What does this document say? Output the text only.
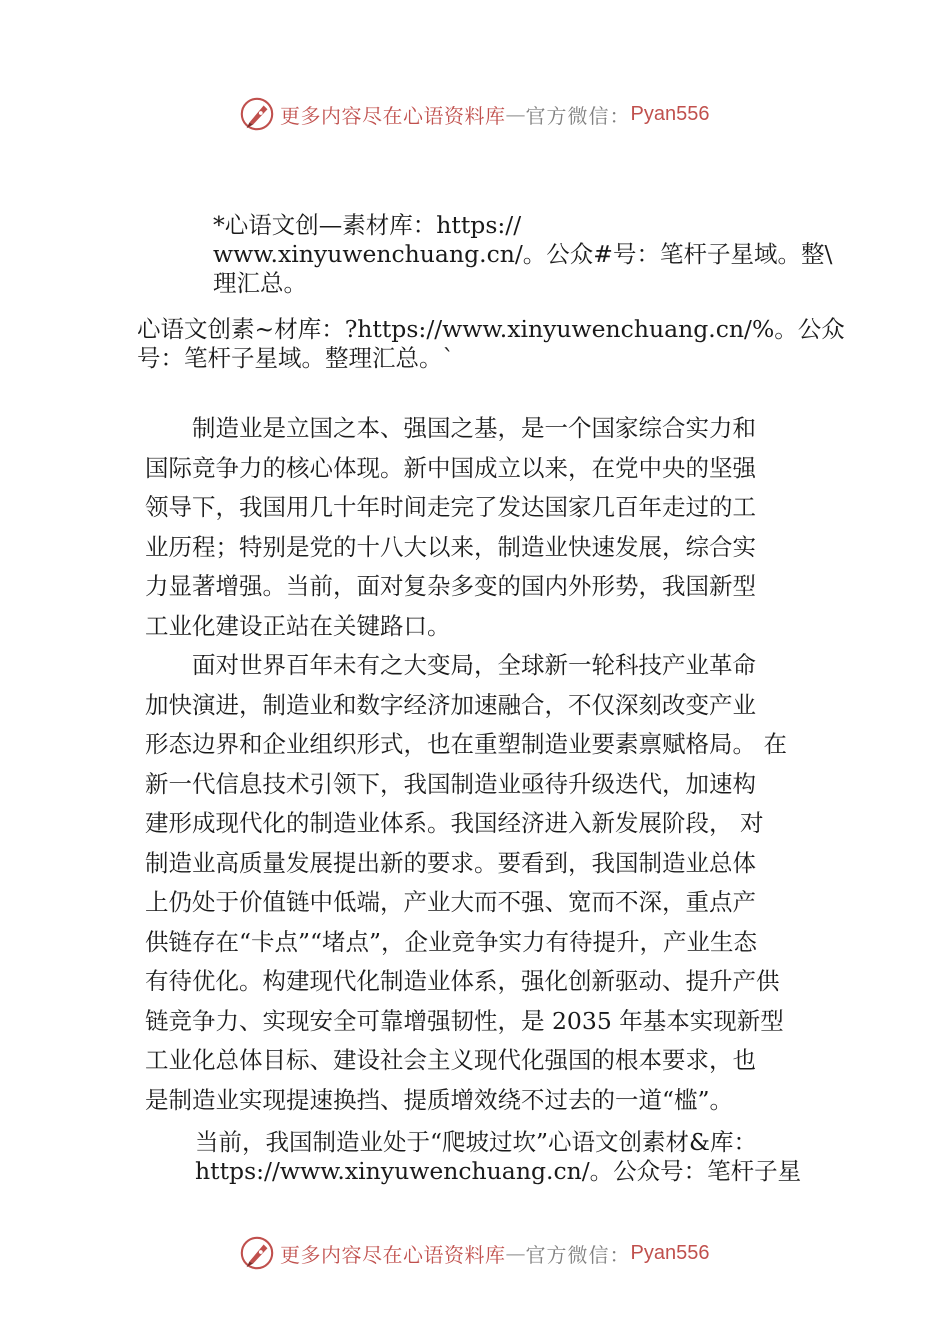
更多内容尽在心语资料库 — 官方微信： Pyan556
*心语文创—素材库：https://
www.xinyuwenchuang.cn/。公众#号：笔杆子星域。整\
理汇总。
心语文创素~材库：?https://www.xinyuwenchuang.cn/%。公众
号：笔杆子星域。整理汇总。`
　　制造业是立国之本、强国之基，是一个国家综合实力和
国际竞争力的核心体现。新中国成立以来，在党中央的坚强
领导下，我国用几十年时间走完了发达国家几百年走过的工
业历程；特别是党的十八大以来，制造业快速发展，综合实
力显著增强。当前，面对复杂多变的国内外形势，我国新型
工业化建设正站在关键路口。
　　面对世界百年未有之大变局，全球新一轮科技产业革命
加快演进，制造业和数字经济加速融合，不仅深刻改变产业
形态边界和企业组织形式，也在重塑制造业要素禀赋格局。 在
新一代信息技术引领下，我国制造业亟待升级迭代，加速构
建形成现代化的制造业体系。我国经济进入新发展阶段， 对
制造业高质量发展提出新的要求。要看到，我国制造业总体
上仍处于价值链中低端，产业大而不强、宽而不深，重点产
供链存在“卡点”“堵点”，企业竞争实力有待提升，产业生态
有待优化。构建现代化制造业体系，强化创新驱动、提升产供
链竞争力、实现安全可靠增强韧性，是 2035 年基本实现新型
工业化总体目标、建设社会主义现代化强国的根本要求，也
是制造业实现提速换挡、提质增效绕不过去的一道“槛”。
当前，我国制造业处于“爬坡过坎”心语文创素材&库：
https://www.xinyuwenchuang.cn/。公众号：笔杆子星
更多内容尽在心语资料库 — 官方微信： Pyan556
